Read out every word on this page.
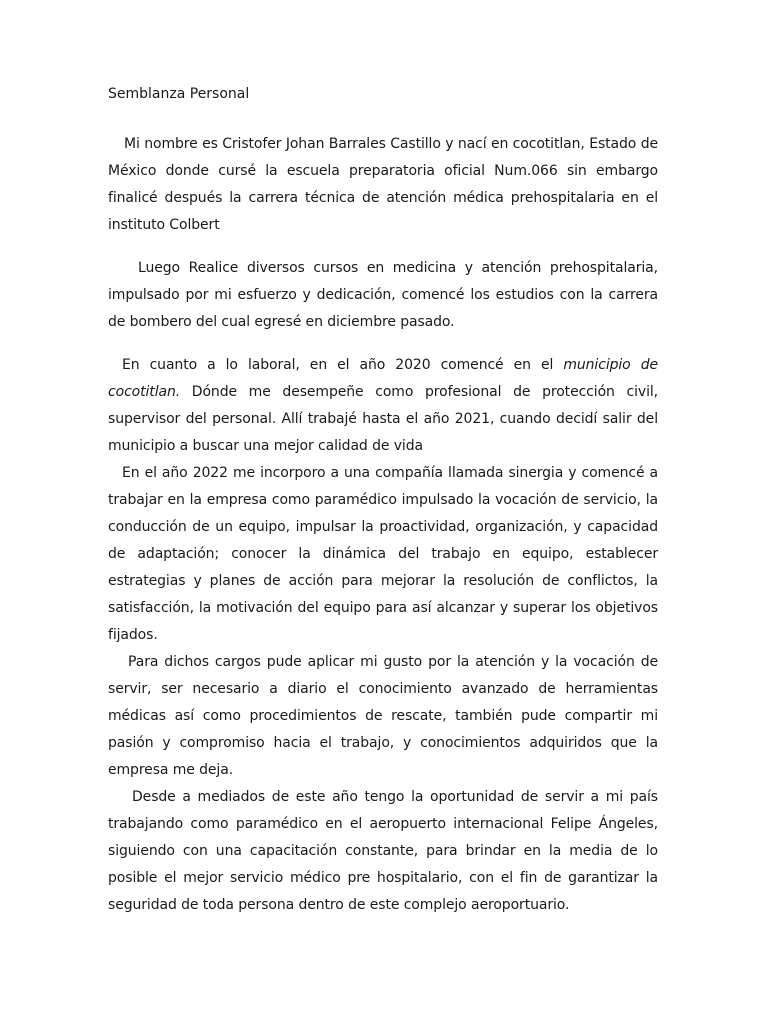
Semblanza Personal

Mi nombre es Cristofer Johan Barrales Castillo y nací en cocotitlan, Estado de México donde cursé la escuela preparatoria oficial Num.066 sin embargo finalicé después la carrera técnica de atención médica prehospitalaria en el instituto Colbert

Luego Realice diversos cursos en medicina y atención prehospitalaria, impulsado por mi esfuerzo y dedicación, comencé los estudios con la carrera de bombero del cual egresé en diciembre pasado.

En cuanto a lo laboral, en el año 2020 comencé en el municipio de cocotitlan. Dónde me desempeñe como profesional de protección civil, supervisor del personal. Allí trabajé hasta el año 2021, cuando decidí salir del municipio a buscar una mejor calidad de vida

En el año 2022 me incorporo a una compañía llamada sinergia y comencé a trabajar en la empresa como paramédico impulsado la vocación de servicio, la conducción de un equipo, impulsar la proactividad, organización, y capacidad de adaptación; conocer la dinámica del trabajo en equipo, establecer estrategias y planes de acción para mejorar la resolución de conflictos, la satisfacción, la motivación del equipo para así alcanzar y superar los objetivos fijados.

Para dichos cargos pude aplicar mi gusto por la atención y la vocación de servir, ser necesario a diario el conocimiento avanzado de herramientas médicas así como procedimientos de rescate, también pude compartir mi pasión y compromiso hacia el trabajo, y conocimientos adquiridos que la empresa me deja.

Desde a mediados de este año tengo la oportunidad de servir a mi país trabajando como paramédico en el aeropuerto internacional Felipe Ángeles, siguiendo con una capacitación constante, para brindar en la media de lo posible el mejor servicio médico pre hospitalario, con el fin de garantizar la seguridad de toda persona dentro de este complejo aeroportuario.
